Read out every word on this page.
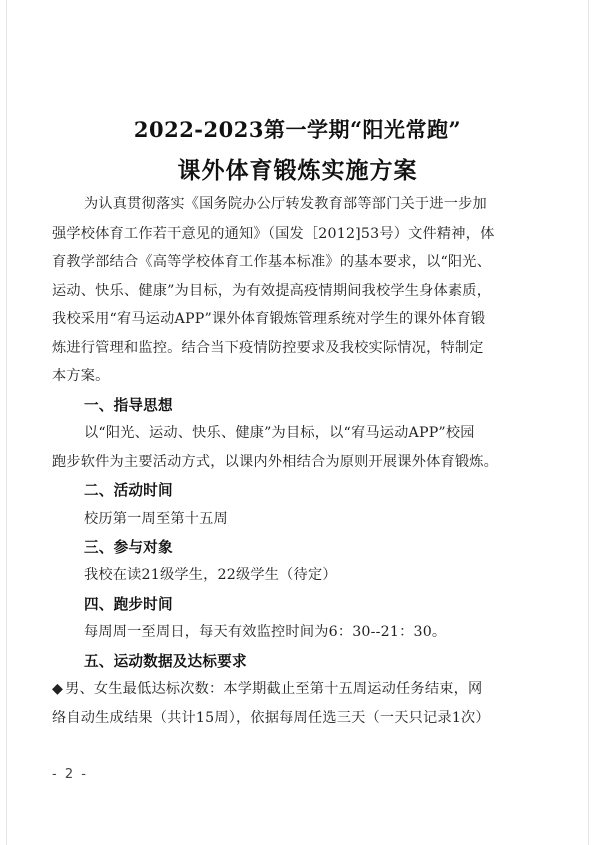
2022-2023第一学期“阳光常跑”
课外体育锻炼实施方案
为认真贯彻落实《国务院办公厅转发教育部等部门关于进一步加
强学校体育工作若干意见的通知》（国发［2012]53号）文件精神，体
育教学部结合《高等学校体育工作基本标准》的基本要求，以“阳光、
运动、快乐、健康”为目标，为有效提高疫情期间我校学生身体素质，
我校采用“宥马运动APP”课外体育锻炼管理系统对学生的课外体育锻
炼进行管理和监控。结合当下疫情防控要求及我校实际情况，特制定
本方案。
一、指导思想
以“阳光、运动、快乐、健康”为目标，以“宥马运动APP”校园
跑步软件为主要活动方式，以课内外相结合为原则开展课外体育锻炼。
二、活动时间
校历第一周至第十五周
三、参与对象
我校在读21级学生，22级学生（待定）
四、跑步时间
每周周一至周日，每天有效监控时间为6：30--21：30。
五、运动数据及达标要求
◆ 男、女生最低达标次数：本学期截止至第十五周运动任务结束，网
络自动生成结果（共计15周），依据每周任选三天（一天只记录1次）
- 2 -
